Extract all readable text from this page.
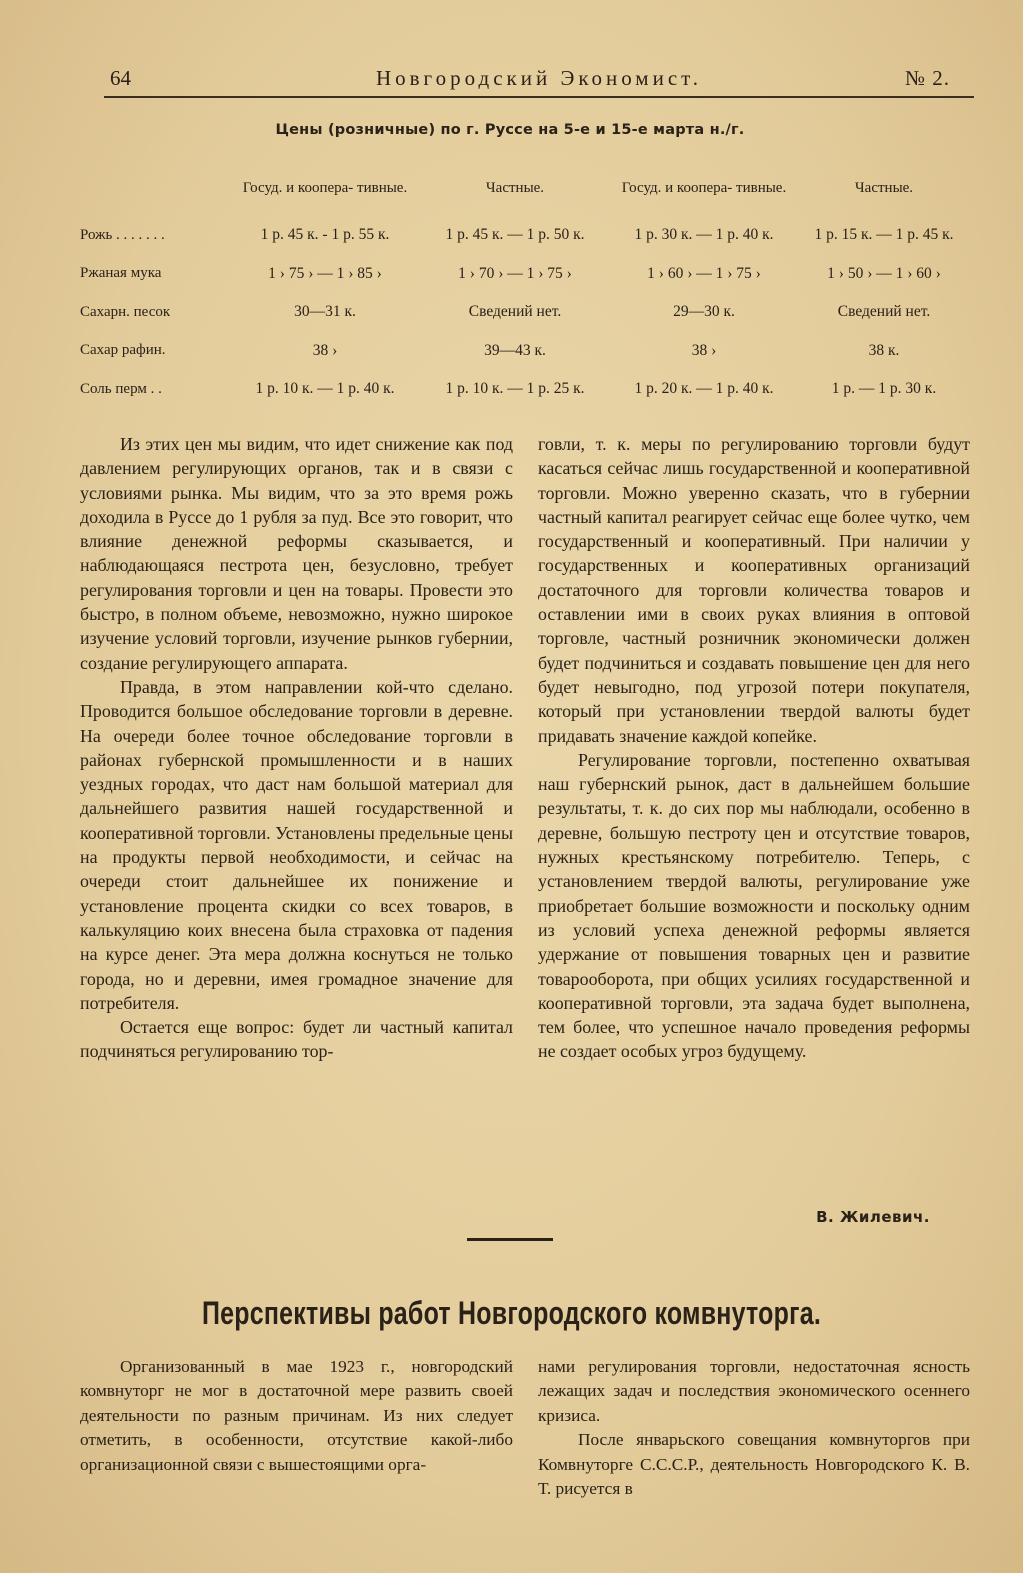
64	Новгородский Экономист.	№ 2.
Цены (розничные) по г. Руссе на 5-е и 15-е марта н./г.
	Госуд. и коопера- тивные.	Частные.	Госуд. и коопера- тивные.	Частные.
Рожь . . . . . . .	1 р. 45 к. - 1 р. 55 к.	1 р. 45 к. — 1 р. 50 к.	1 р. 30 к. — 1 р. 40 к.	1 р. 15 к. — 1 р. 45 к.
Ржаная мука	1 › 75 › — 1 › 85 ›	1 › 70 › — 1 › 75 ›	1 › 60 › — 1 › 75 ›	1 › 50 › — 1 › 60 ›
Сахарн. песок	30—31 к.	Сведений нет.	29—30 к.	Сведений нет.
Сахар рафин.	38 ›	39—43 к.	38 ›	38 к.
Соль перм . .	1 р. 10 к. — 1 р. 40 к.	1 р. 10 к. — 1 р. 25 к.	1 р. 20 к. — 1 р. 40 к.	1 р. — 1 р. 30 к.

Из этих цен мы видим, что идет снижение как под давлением регулирующих органов, так и в связи с условиями рынка. Мы видим, что за это время рожь доходила в Руссе до 1 рубля за пуд. Все это говорит, что влияние денежной реформы сказывается, и наблюдающаяся пестрота цен, безусловно, требует регулирования торговли и цен на товары. Провести это быстро, в полном объеме, невозможно, нужно широкое изучение условий торговли, изучение рынков губернии, создание регулирующего аппарата.

Правда, в этом направлении кой-что сделано. Проводится большое обследование торговли в деревне. На очереди более точное обследование торговли в районах губернской промышленности и в наших уездных городах, что даст нам большой материал для дальнейшего развития нашей государственной и кооперативной торговли. Установлены предельные цены на продукты первой необходимости, и сейчас на очереди стоит дальнейшее их понижение и установление процента скидки со всех товаров, в калькуляцию коих внесена была страховка от падения на курсе денег. Эта мера должна коснуться не только города, но и деревни, имея громадное значение для потребителя.

Остается еще вопрос: будет ли частный капитал подчиняться регулированию тор-

говли, т. к. меры по регулированию торговли будут касаться сейчас лишь государственной и кооперативной торговли. Можно уверенно сказать, что в губернии частный капитал реагирует сейчас еще более чутко, чем государственный и кооперативный. При наличии у государственных и кооперативных организаций достаточного для торговли количества товаров и оставлении ими в своих руках влияния в оптовой торговле, частный розничник экономически должен будет подчиниться и создавать повышение цен для него будет невыгодно, под угрозой потери покупателя, который при установлении твердой валюты будет придавать значение каждой копейке.

Регулирование торговли, постепенно охватывая наш губернский рынок, даст в дальнейшем большие результаты, т. к. до сих пор мы наблюдали, особенно в деревне, большую пестроту цен и отсутствие товаров, нужных крестьянскому потребителю. Теперь, с установлением твердой валюты, регулирование уже приобретает большие возможности и поскольку одним из условий успеха денежной реформы является удержание от повышения товарных цен и развитие товарооборота, при общих усилиях государственной и кооперативной торговли, эта задача будет выполнена, тем более, что успешное начало проведения реформы не создает особых угроз будущему.

В. Жилевич.
Перспективы работ Новгородского комвнуторга.

Организованный в мае 1923 г., новгородский комвнуторг не мог в достаточной мере развить своей деятельности по разным причинам. Из них следует отметить, в особенности, отсутствие какой-либо организационной связи с вышестоящими орга-

нами регулирования торговли, недостаточная ясность лежащих задач и последствия экономического осеннего кризиса.

После январьского совещания комвнуторгов при Комвнуторге С.С.С.Р., деятельность Новгородского К. В. Т. рисуется в
